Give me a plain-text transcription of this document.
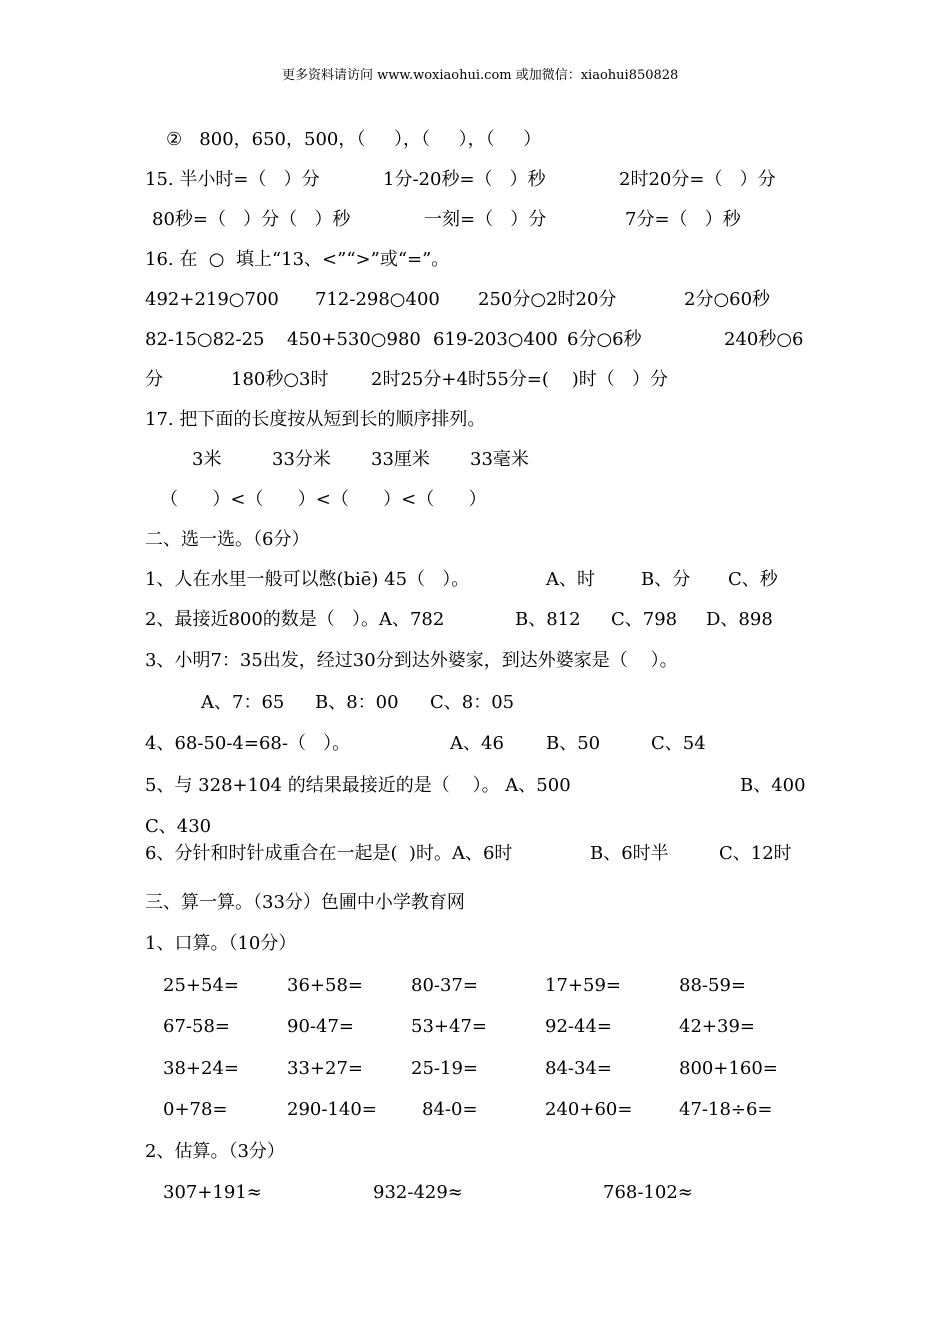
更多资料请访问 www.woxiaohui.com 或加微信：xiaohui850828
②   800，650，500，（     ），（     ），（     ）
15. 半小时=（   ）分	1分-20秒=（   ）秒	2时20分=（   ）分
80秒=（   ）分（   ）秒	一刻=（   ）分	7分=（   ）秒
16. 在  ○  填上“13、<”“>”或“=”。
492+219○700 712-298○400 250分○2时20分	2分○60秒
82-15○82-25 450+530○980 619-203○400 6分○6秒	240秒○6
分	180秒○3时 2时25分+4时55分=(    )时（   ）分
17. 把下面的长度按从短到长的顺序排列。
3米	33分米 33厘米 33毫米
（      ）<（      ）<（      ）<（      ）
二、选一选。（6分）
1、人在水里一般可以憋(biē) 45（   ）。	A、时	B、分 C、秒
2、最接近800的数是（   ）。A、782	B、812 C、798 D、898
3、小明7：35出发，经过30分到达外婆家，到达外婆家是（    ）。
A、7：65 B、8：00 C、8：05
4、68-50-4=68-（   ）。	A、46 B、50	C、54
5、与 328+104 的结果最接近的是（    ）。 A、500	B、400
C、430
6、分针和时针成重合在一起是(  )时。A、6时	B、6时半	C、12时
三、算一算。（33分）色圃中小学教育网
1、口算。（10分）
25+54=	36+58=	80-37=	17+59=	88-59=
67-58=	90-47=	53+47=	92-44=	42+39=
38+24=	33+27=	25-19=	84-34=	800+160=
0+78=	290-140=	84-0=	240+60=	47-18÷6=
2、估算。（3分）
307+191≈	932-429≈	768-102≈
